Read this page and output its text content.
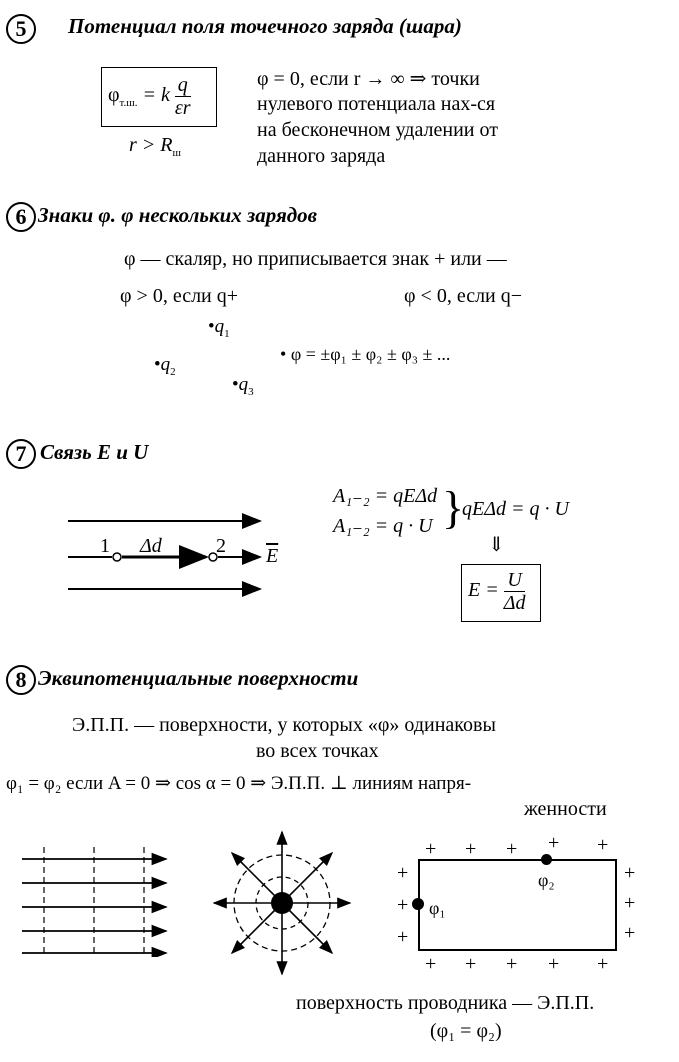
5	Потенциал поля точечного заряда (шара)
$\varphi_{т.ш.} = k \frac{q}{\varepsilon r}$
$r > R_ш$
φ = 0, если r → ∞ ⇒ точки
нулевого потенциала нах-ся
на бесконечном удалении от
данного заряда
6 Знаки φ. φ нескольких зарядов
φ — скаляр, но приписывается знак + или —
φ > 0, если q+	φ < 0, если q−
$•q_1$
$•q_2$
$•q_3$
• φ = ±φ₁ ± φ₂ ± φ₃ ± ...
7 Связь E и U
1 Δd	2 $\overline{E}$
A₁₋₂ = qEΔd
A₁₋₂ = q · U }
qEΔd = q · U
⇓
$E = \frac{U}{\Delta d}$
8 Эквипотенциальные поверхности
Э.П.П. — поверхности, у которых «φ» одинаковы
во всех точках
φ₁ = φ₂ если A = 0 ⇒ cos α = 0 ⇒ Э.П.П. ⊥ линиям напря-
женности
φ₁
φ₂
+ + + + +
+
+
+
+
+
+
+ + + + +
поверхность проводника — Э.П.П.
(φ₁ = φ₂)
